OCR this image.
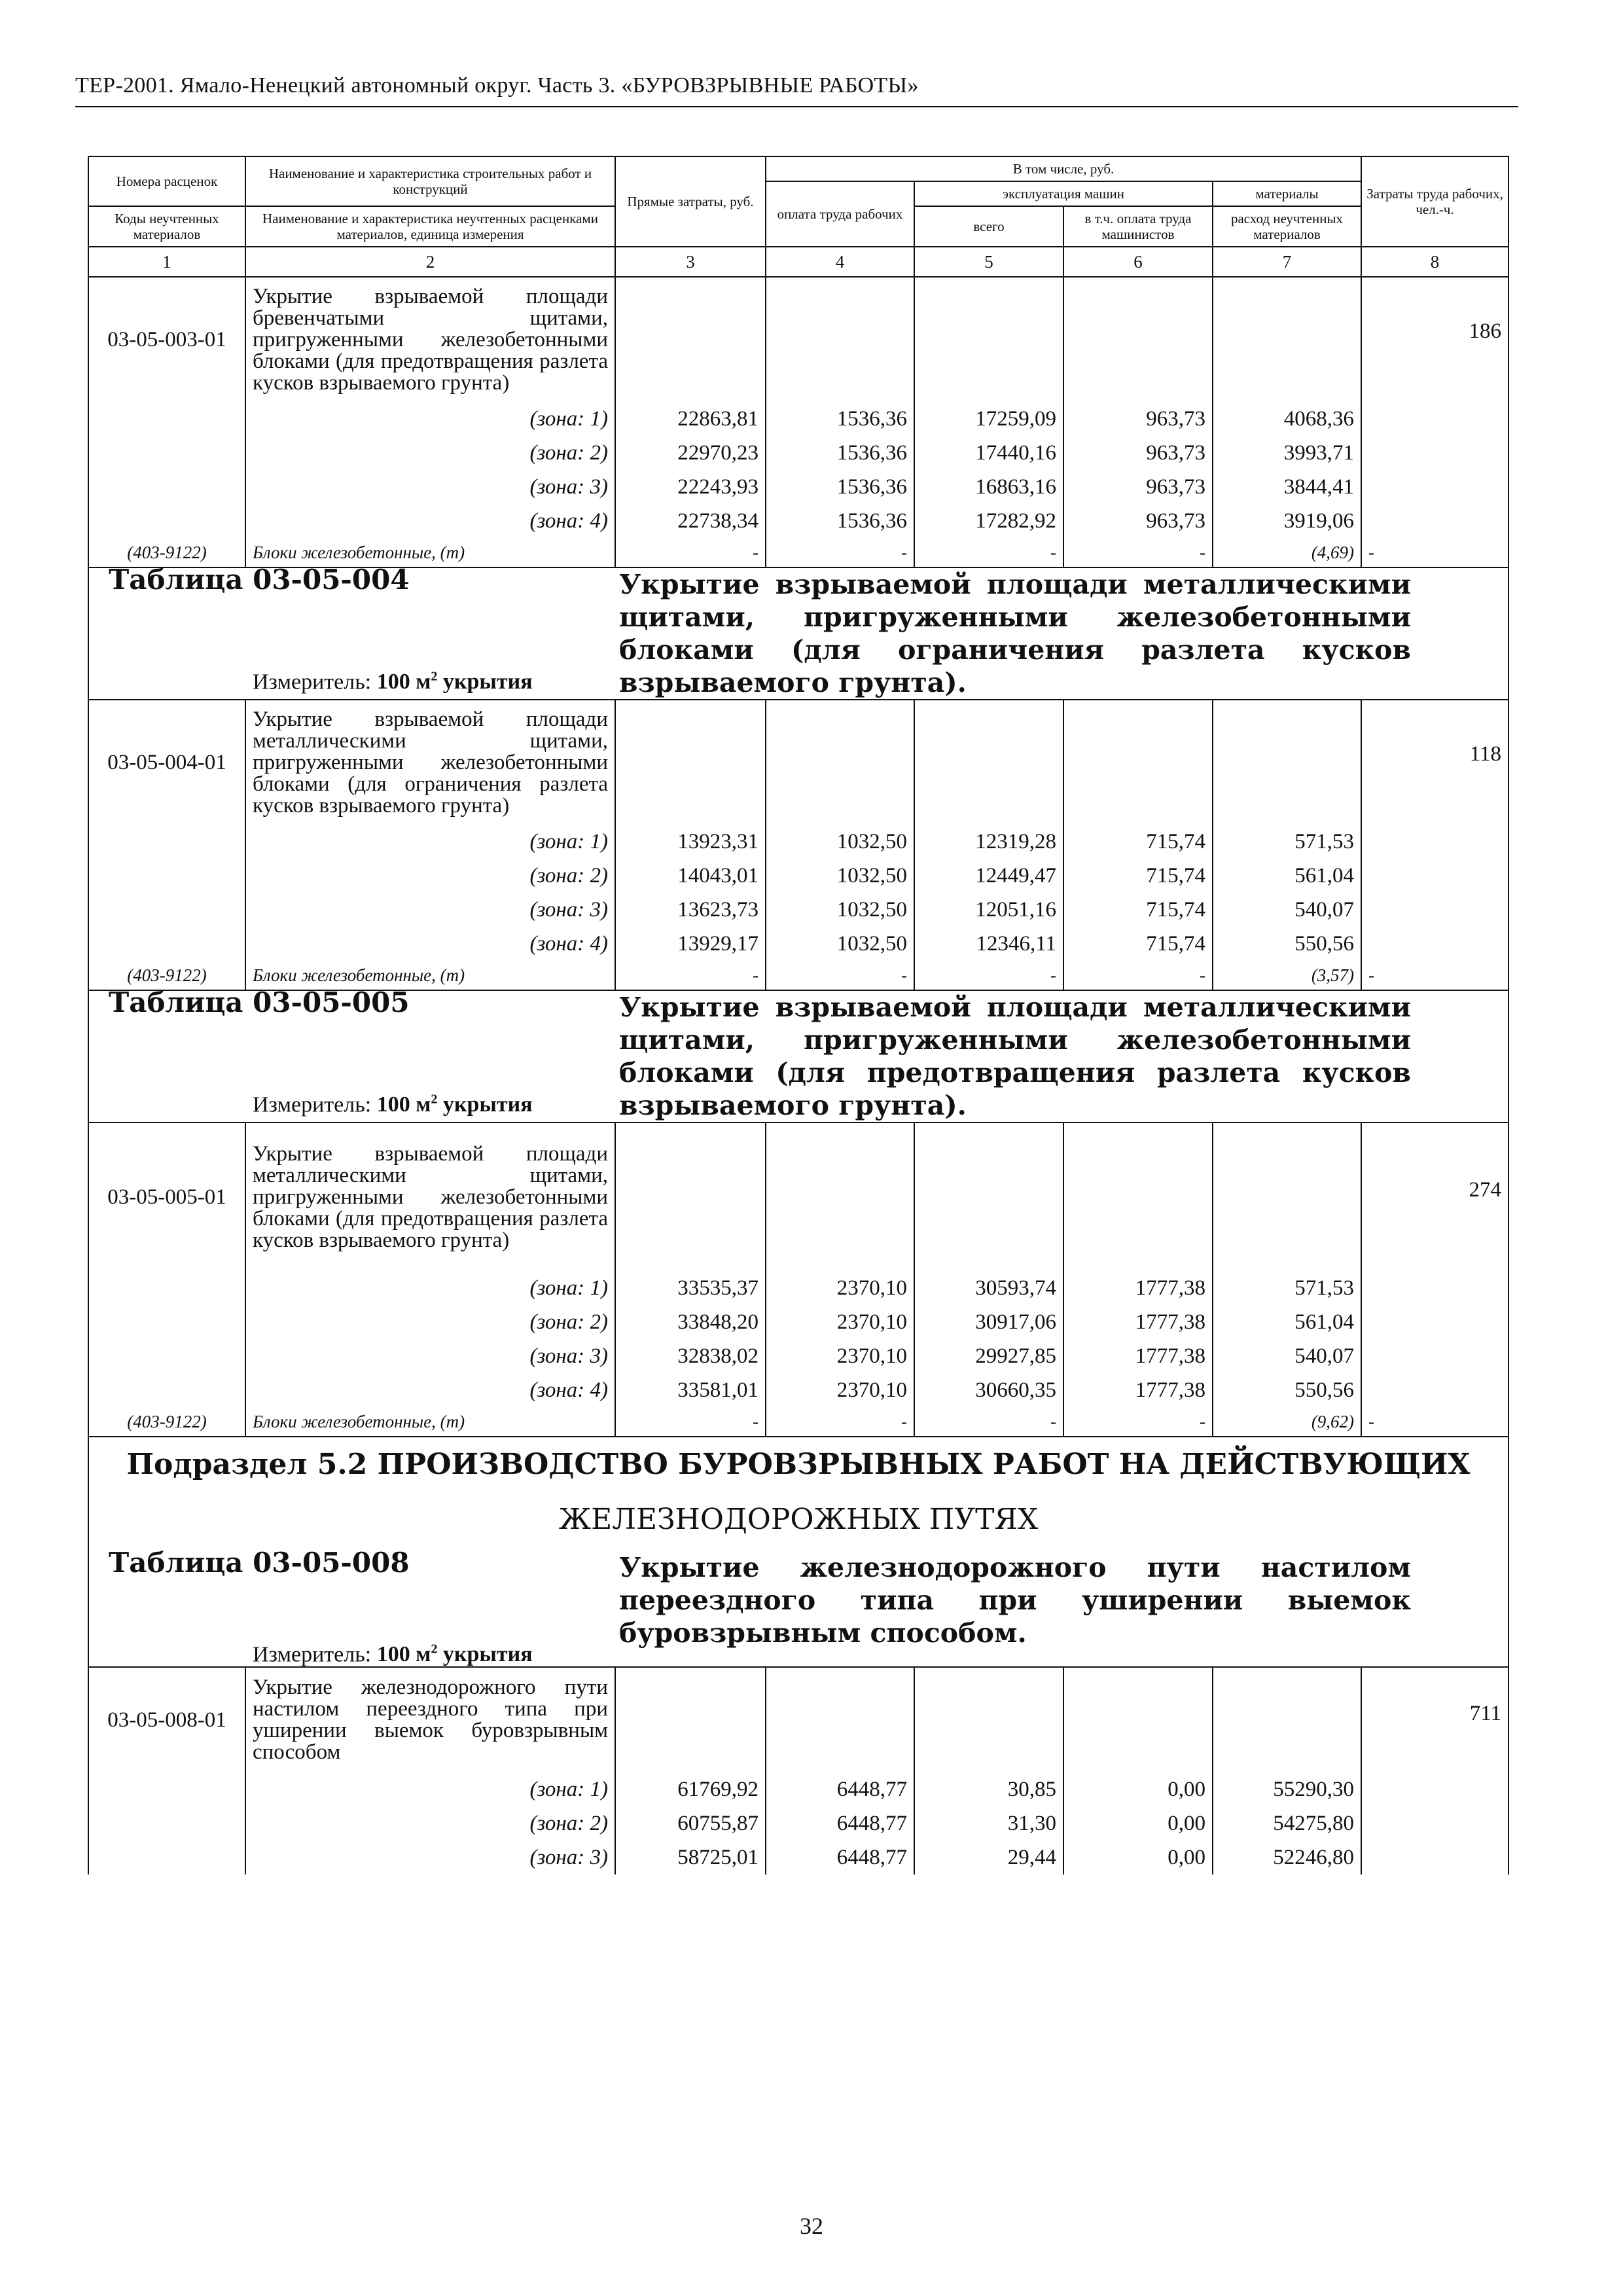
ТЕР-2001. Ямало-Ненецкий автономный округ. Часть 3. «БУРОВЗРЫВНЫЕ РАБОТЫ»
Номера расценок	Наименование и характеристика строительных работ и конструкций	Прямые затраты, руб.	В том числе, руб.				Затраты труда рабочих, чел.-ч.
			оплата труда рабочих	эксплуатация машин		материалы	
Коды неучтенных материалов	Наименование и характеристика неучтенных расценками материалов, единица измерения			всего	в т.ч. оплата труда машинистов	расход неучтенных материалов	
1	2	3	4	5	6	7	8
03-05-003-01	Укрытие взрываемой площади бревенчатыми щитами, пригруженными железобетонными блоками (для предотвращения разлета кусков взрываемого грунта)						186
	(зона: 1)	22863,81	1536,36	17259,09	963,73	4068,36	
	(зона: 2)	22970,23	1536,36	17440,16	963,73	3993,71	
	(зона: 3)	22243,93	1536,36	16863,16	963,73	3844,41	
	(зона: 4)	22738,34	1536,36	17282,92	963,73	3919,06	
(403-9122)	Блоки железобетонные, (т)	-	-	-	-	(4,69)	-

Таблица 03-05-004
Измеритель: 100 $м^2$ укрытия
Укрытие взрываемой площади металлическими щитами, пригруженными железобетонными блоками (для ограничения разлета кусков взрываемого грунта).							

03-05-004-01	Укрытие взрываемой площади металлическими щитами, пригруженными железобетонными блоками (для ограничения разлета кусков взрываемого грунта)						118
	(зона: 1)	13923,31	1032,50	12319,28	715,74	571,53	
	(зона: 2)	14043,01	1032,50	12449,47	715,74	561,04	
	(зона: 3)	13623,73	1032,50	12051,16	715,74	540,07	
	(зона: 4)	13929,17	1032,50	12346,11	715,74	550,56	
(403-9122)	Блоки железобетонные, (т)	-	-	-	-	(3,57)	-

Таблица 03-05-005
Измеритель: 100 $м^2$ укрытия
Укрытие взрываемой площади металлическими щитами, пригруженными железобетонными блоками (для предотвращения разлета кусков взрываемого грунта).							

03-05-005-01	Укрытие взрываемой площади металлическими щитами, пригруженными железобетонными блоками (для предотвращения разлета кусков взрываемого грунта)						274
	(зона: 1)	33535,37	2370,10	30593,74	1777,38	571,53	
	(зона: 2)	33848,20	2370,10	30917,06	1777,38	561,04	
	(зона: 3)	32838,02	2370,10	29927,85	1777,38	540,07	
	(зона: 4)	33581,01	2370,10	30660,35	1777,38	550,56	
(403-9122)	Блоки железобетонные, (т)	-	-	-	-	(9,62)	-

Подраздел 5.2 ПРОИЗВОДСТВО БУРОВЗРЫВНЫХ РАБОТ НА ДЕЙСТВУЮЩИХ
ЖЕЛЕЗНОДОРОЖНЫХ ПУТЯХ							

Таблица 03-05-008
Измеритель: 100 $м^2$ укрытия
Укрытие железнодорожного пути настилом переездного типа при уширении выемок буровзрывным способом.							

03-05-008-01	Укрытие железнодорожного пути настилом переездного типа при уширении выемок буровзрывным способом						711
	(зона: 1)	61769,92	6448,77	30,85	0,00	55290,30	
	(зона: 2)	60755,87	6448,77	31,30	0,00	54275,80	
	(зона: 3)	58725,01	6448,77	29,44	0,00	52246,80	
32
